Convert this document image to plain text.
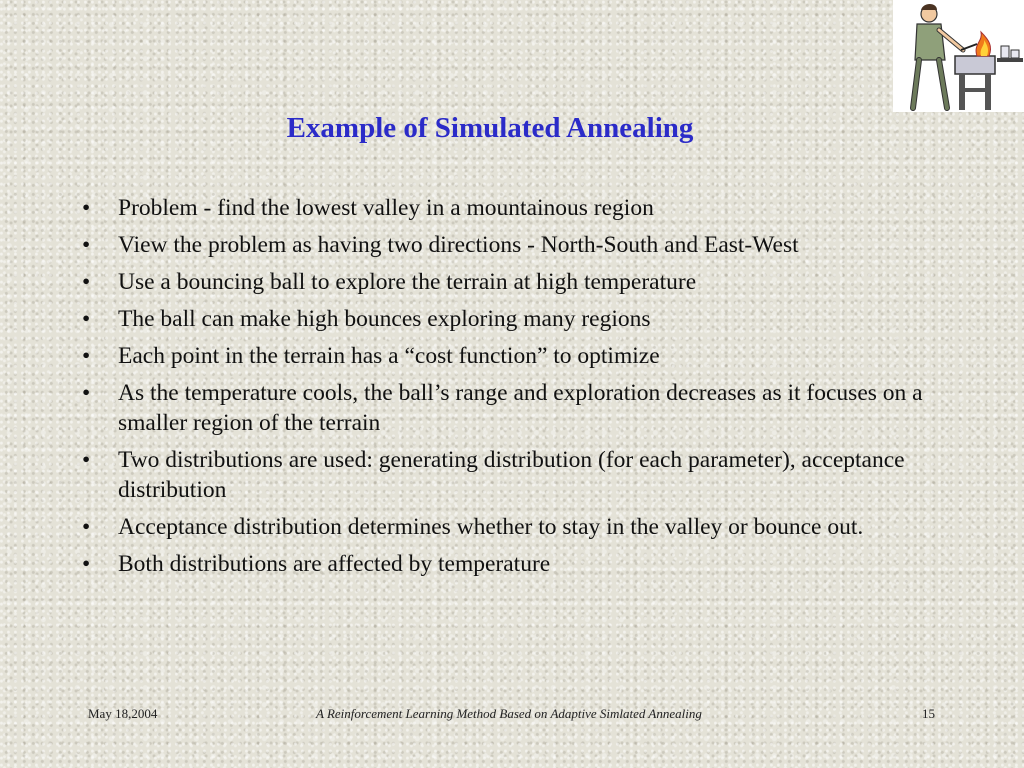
Example of Simulated Annealing
•	Problem - find the lowest valley in a mountainous region
•	View the problem as having two directions - North-South and East-West
•	Use a bouncing ball to explore the terrain at high temperature
•	The ball can make high bounces exploring many regions
•	Each point in the terrain has a “cost function” to optimize
•	As the temperature cools, the ball’s range and exploration decreases as it focuses on a smaller region of the terrain
•	Two distributions are used: generating distribution (for each parameter), acceptance distribution
•	Acceptance distribution determines whether to stay in the valley or bounce out.
•	Both distributions are affected by temperature
May 18,2004	A Reinforcement Learning Method Based on Adaptive Simlated Annealing	15
